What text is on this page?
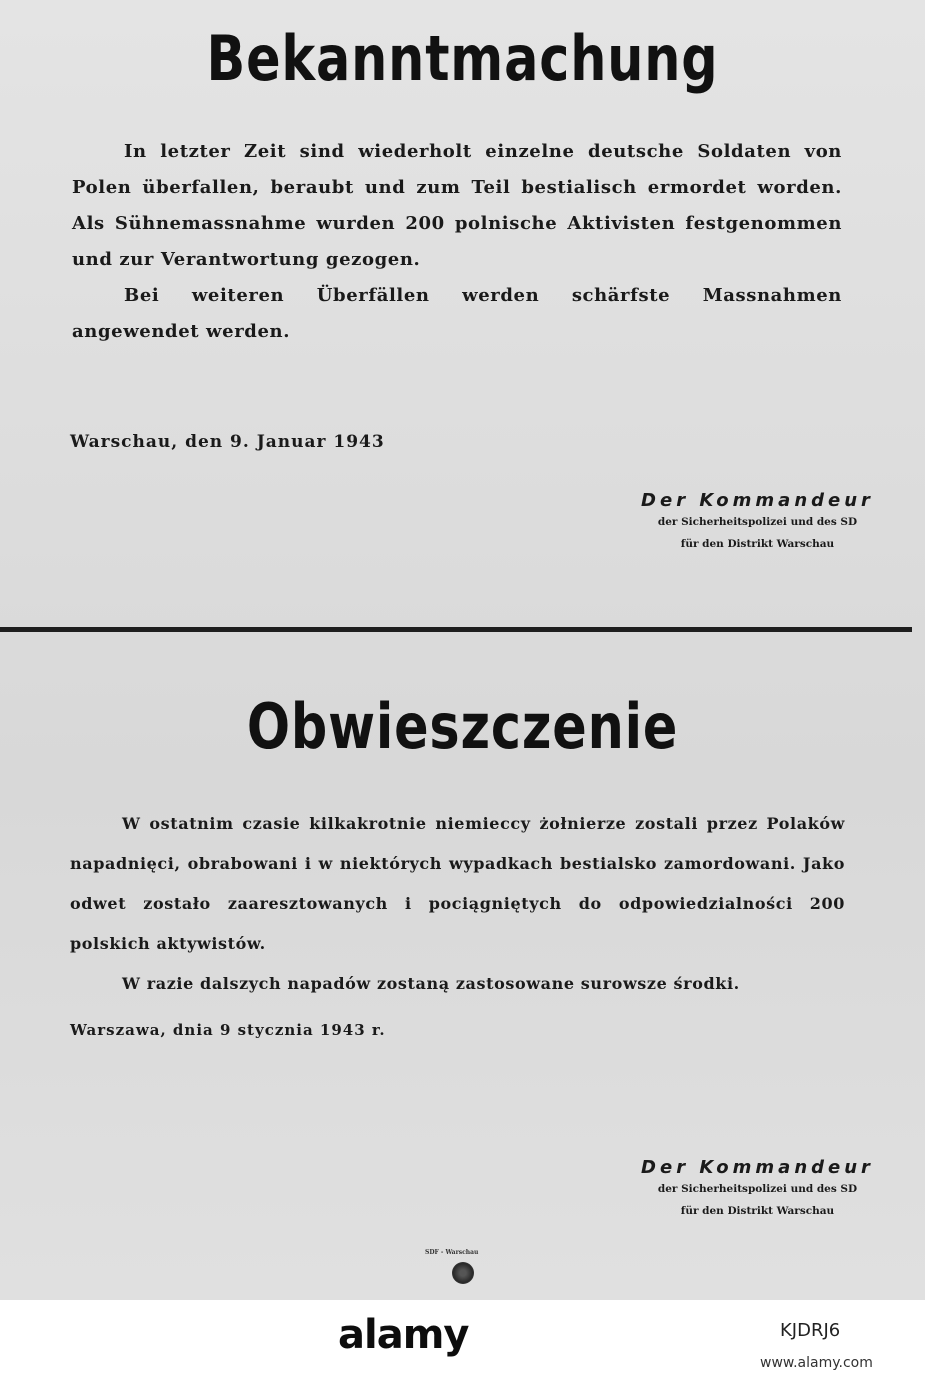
Bekanntmachung

In letzter Zeit sind wiederholt einzelne deutsche Soldaten von Polen überfallen, beraubt und zum Teil bestialisch ermordet worden. Als Sühnemassnahme wurden 200 polnische Aktivisten festgenommen und zur Verantwortung gezogen.

Bei weiteren Überfällen werden schärfste Massnahmen angewendet werden.

Warschau, den 9. Januar 1943
Der Kommandeur
der Sicherheitspolizei und des SD
für den Distrikt Warschau
Obwieszczenie

W ostatnim czasie kilkakrotnie niemieccy żołnierze zostali przez Polaków napadnięci, obrabowani i w niektórych wypadkach bestialsko zamordowani. Jako odwet zostało zaaresztowanych i pociągniętych do odpowiedzialności 200 polskich aktywistów.

W razie dalszych napadów zostaną zastosowane surowsze środki.

Warszawa, dnia 9 stycznia 1943 r.
Der Kommandeur
der Sicherheitspolizei und des SD
für den Distrikt Warschau
SDF - Warschau
alamy	KJDRJ6
www.alamy.com
